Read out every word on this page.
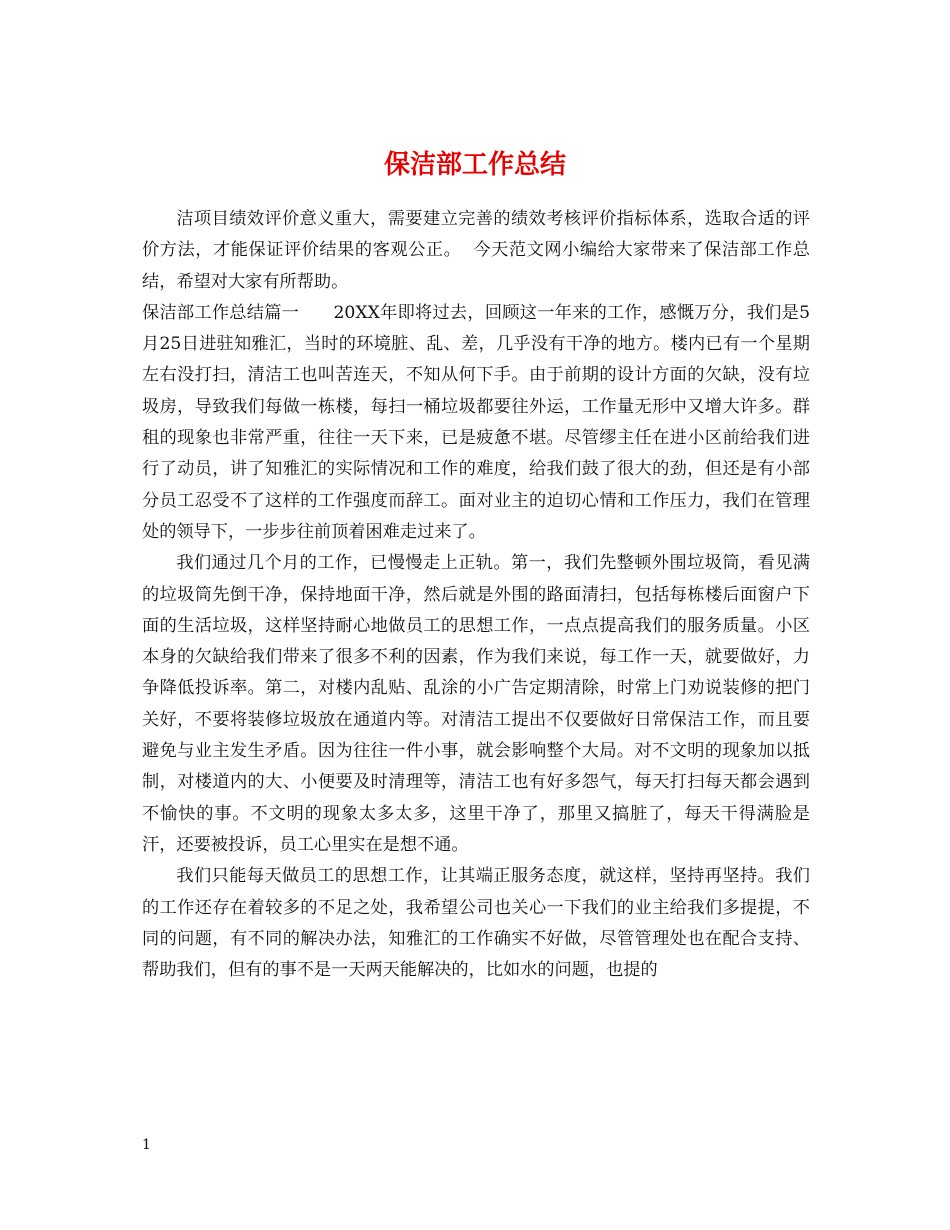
保洁部工作总结

洁项目绩效评价意义重大，需要建立完善的绩效考核评价指标体系，选取合适的评价方法，才能保证评价结果的客观公正。  今天范文网小编给大家带来了保洁部工作总结，希望对大家有所帮助。

保洁部工作总结篇一      20XX年即将过去，回顾这一年来的工作，感慨万分，我们是5月25日进驻知雅汇，当时的环境脏、乱、差，几乎没有干净的地方。楼内已有一个星期左右没打扫，清洁工也叫苦连天，不知从何下手。由于前期的设计方面的欠缺，没有垃圾房，导致我们每做一栋楼，每扫一桶垃圾都要往外运，工作量无形中又增大许多。群租的现象也非常严重，往往一天下来，已是疲惫不堪。尽管缪主任在进小区前给我们进行了动员，讲了知雅汇的实际情况和工作的难度，给我们鼓了很大的劲，但还是有小部分员工忍受不了这样的工作强度而辞工。面对业主的迫切心情和工作压力，我们在管理处的领导下，一步步往前顶着困难走过来了。

我们通过几个月的工作，已慢慢走上正轨。第一，我们先整顿外围垃圾筒，看见满的垃圾筒先倒干净，保持地面干净，然后就是外围的路面清扫，包括每栋楼后面窗户下面的生活垃圾，这样坚持耐心地做员工的思想工作，一点点提高我们的服务质量。小区本身的欠缺给我们带来了很多不利的因素，作为我们来说，每工作一天，就要做好，力争降低投诉率。第二，对楼内乱贴、乱涂的小广告定期清除，时常上门劝说装修的把门关好，不要将装修垃圾放在通道内等。对清洁工提出不仅要做好日常保洁工作，而且要避免与业主发生矛盾。因为往往一件小事，就会影响整个大局。对不文明的现象加以抵制，对楼道内的大、小便要及时清理等，清洁工也有好多怨气，每天打扫每天都会遇到不愉快的事。不文明的现象太多太多，这里干净了，那里又搞脏了，每天干得满脸是汗，还要被投诉，员工心里实在是想不通。

我们只能每天做员工的思想工作，让其端正服务态度，就这样，坚持再坚持。我们的工作还存在着较多的不足之处，我希望公司也关心一下我们的业主给我们多提提，不同的问题，有不同的解决办法，知雅汇的工作确实不好做，尽管管理处也在配合支持、帮助我们，但有的事不是一天两天能解决的，比如水的问题，也提的

1
